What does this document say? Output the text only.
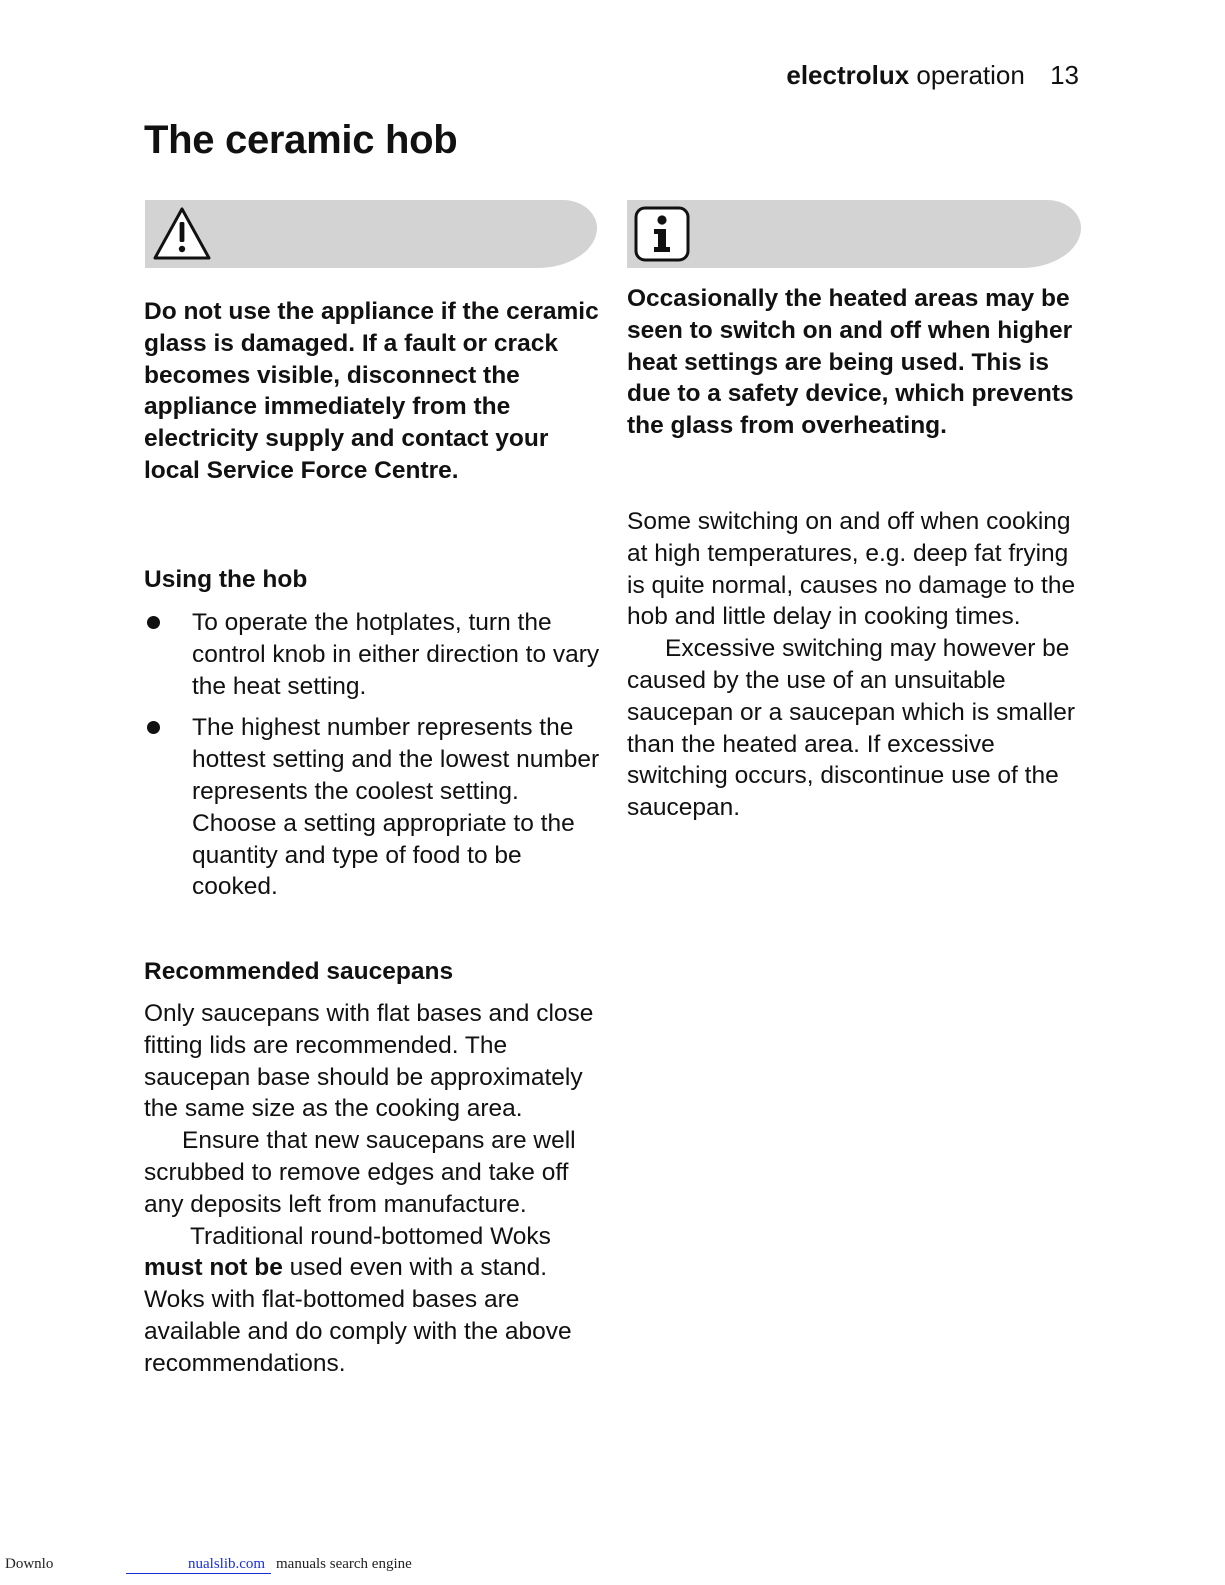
electrolux operation 13
The ceramic hob

Do not use the appliance if the ceramic glass is damaged. If a fault or crack becomes visible, disconnect the appliance immediately from the electricity supply and contact your local Service Force Centre.

Using the hob
To operate the hotplates, turn the control knob in either direction to vary the heat setting.
The highest number represents the hottest setting and the lowest number represents the coolest setting. Choose a setting appropriate to the quantity and type of food to be cooked.
Recommended saucepans

Only saucepans with flat bases and close fitting lids are recommended. The saucepan base should be approximately the same size as the cooking area.

Ensure that new saucepans are well scrubbed to remove edges and take off any deposits left from manufacture.

Traditional round-bottomed Woks must not be used even with a stand. Woks with flat-bottomed bases are available and do comply with the above recommendations.

Occasionally the heated areas may be seen to switch on and off when higher heat settings are being used. This is due to a safety device, which prevents the glass from overheating.

Some switching on and off when cooking at high temperatures, e.g. deep fat frying is quite normal, causes no damage to the hob and little delay in cooking times.

Excessive switching may however be caused by the use of an unsuitable saucepan or a saucepan which is smaller than the heated area. If excessive switching occurs, discontinue use of the saucepan.

Downlo	nualslib.com manuals search engine
